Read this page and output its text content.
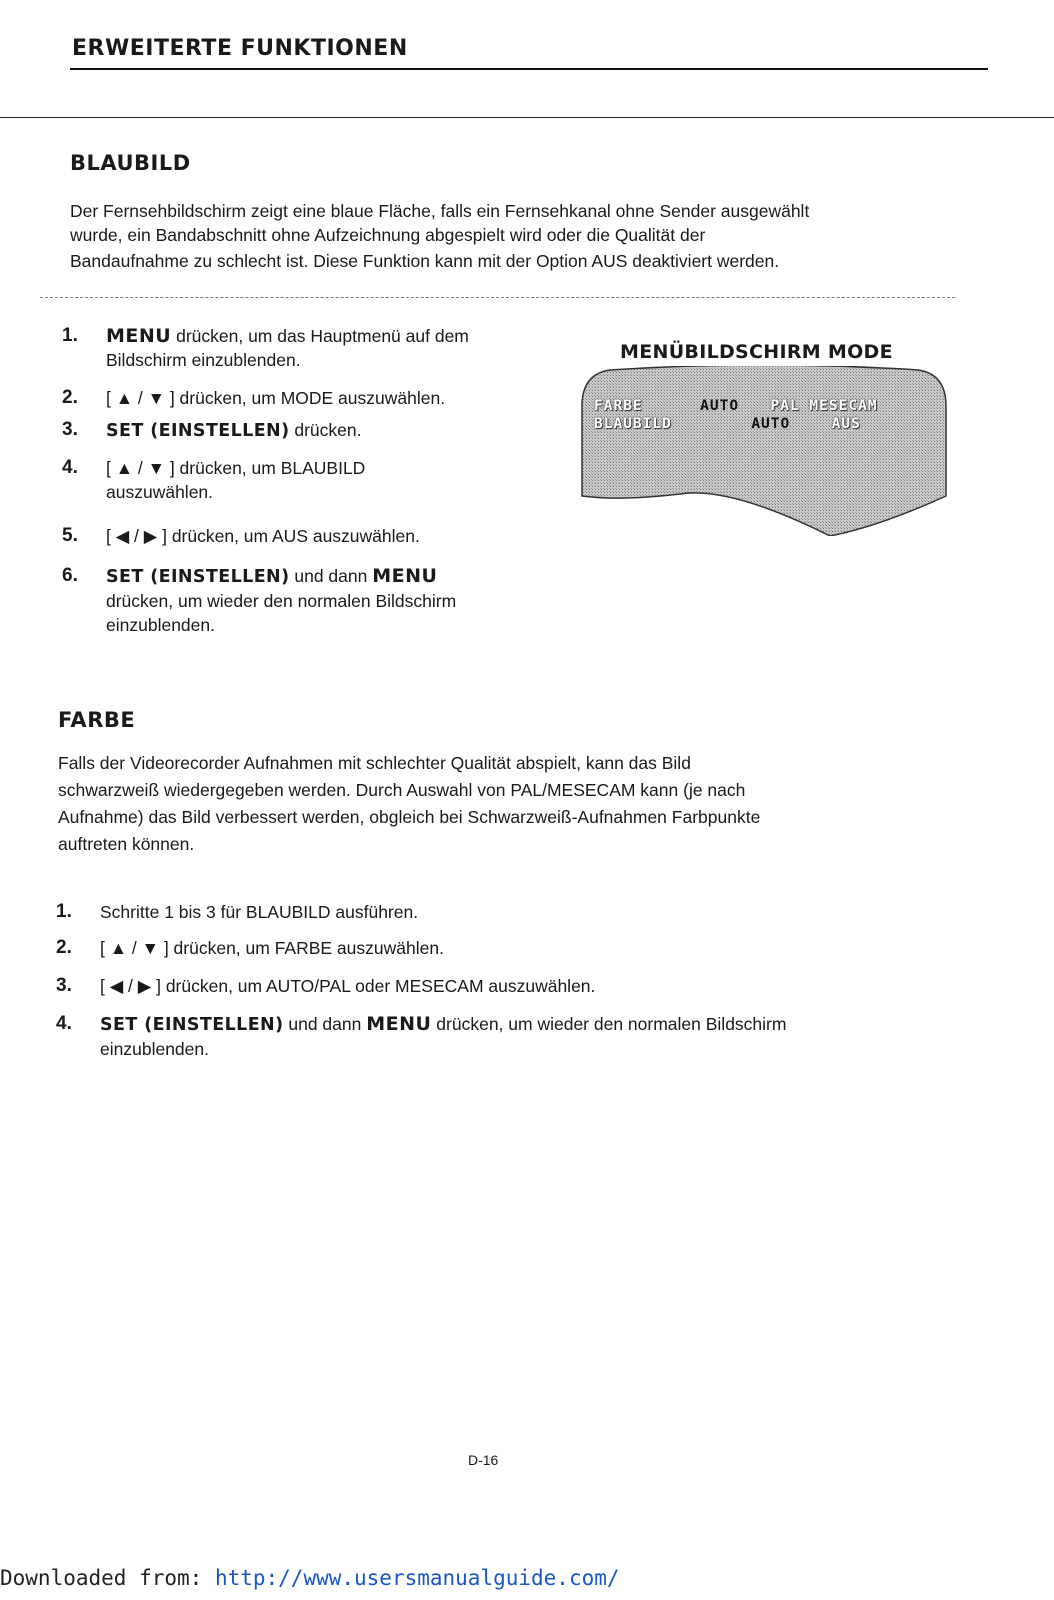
ERWEITERTE FUNKTIONEN
BLAUBILD
Der Fernsehbildschirm zeigt eine blaue Fläche, falls ein Fernsehkanal ohne Sender ausgewählt
wurde, ein Bandabschnitt ohne Aufzeichnung abgespielt wird oder die Qualität der
Bandaufnahme zu schlecht ist. Diese Funktion kann mit der Option AUS deaktiviert werden.
1. MENU drücken, um das Hauptmenü auf dem
Bildschirm einzublenden.
2. [ ▲ / ▼ ] drücken, um MODE auszuwählen.
3. SET (EINSTELLEN) drücken.
4. [ ▲ / ▼ ] drücken, um BLAUBILD
auszuwählen.
5. [ ◀ / ▶ ] drücken, um AUS auszuwählen.
6. SET (EINSTELLEN) und dann MENU
drücken, um wieder den normalen Bildschirm
einzublenden.
MENÜBILDSCHIRM MODE
FARBE	AUTO PAL MESECAM
BLAUBILD	AUTO	AUS
FARBE
Falls der Videorecorder Aufnahmen mit schlechter Qualität abspielt, kann das Bild
schwarzweiß wiedergegeben werden. Durch Auswahl von PAL/MESECAM kann (je nach
Aufnahme) das Bild verbessert werden, obgleich bei Schwarzweiß-Aufnahmen Farbpunkte
auftreten können.
1. Schritte 1 bis 3 für BLAUBILD ausführen.
2. [ ▲ / ▼ ] drücken, um FARBE auszuwählen.
3. [ ◀ / ▶ ] drücken, um AUTO/PAL oder MESECAM auszuwählen.
4. SET (EINSTELLEN) und dann MENU drücken, um wieder den normalen Bildschirm
einzublenden.
D-16
Downloaded from: http://www.usersmanualguide.com/
